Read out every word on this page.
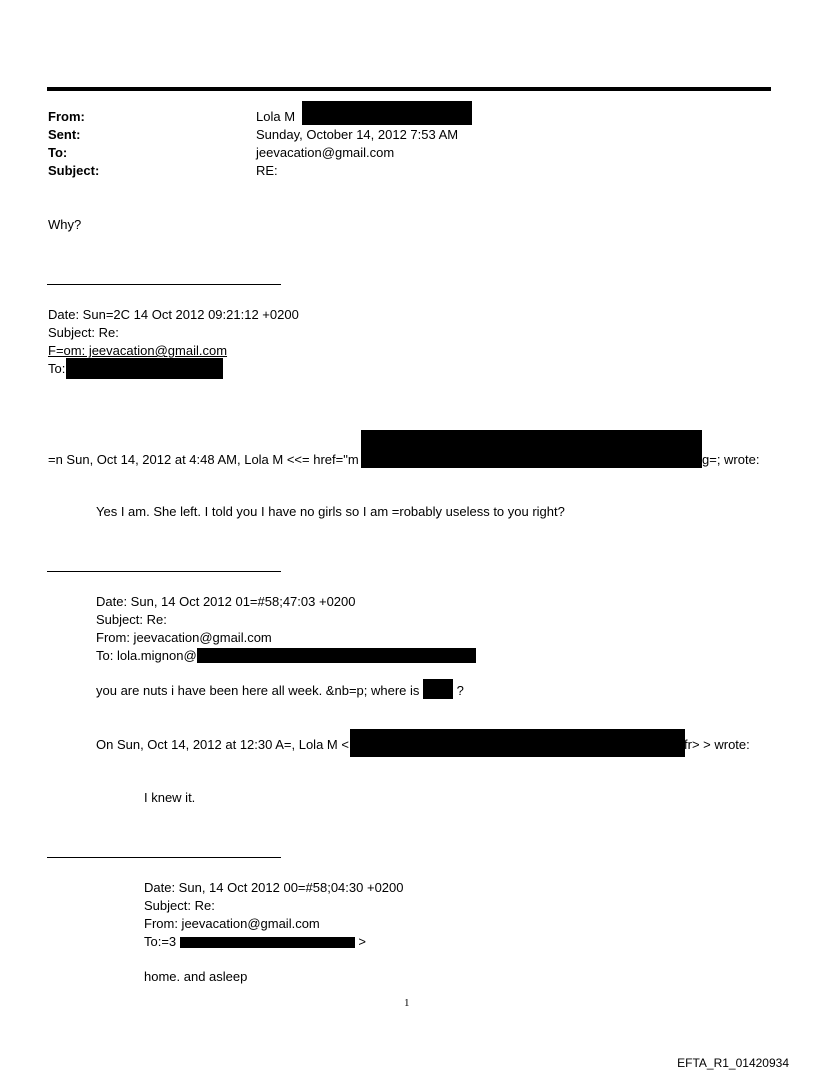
From:	Lola M
Sent:	Sunday, October 14, 2012 7:53 AM
To:	jeevacation@gmail.com
Subject:	RE:
Why?
Date: Sun=2C 14 Oct 2012 09:21:12 +0200
Subject: Re:
F=om: jeevacation@gmail.com
To:
=n Sun, Oct 14, 2012 at 4:48 AM, Lola M <<= href="m	g=; wrote:
Yes I am. She left. I told you I have no girls so I am =robably useless to you right?
Date: Sun, 14 Oct 2012 01=#58;47:03 +0200
Subject: Re:
From: jeevacation@gmail.com
To: lola.mignon@
you are nuts i have been here all week. &nb=p; where is	?
On Sun, Oct 14, 2012 at 12:30 A=, Lola M <	fr> > wrote:
I knew it.
Date: Sun, 14 Oct 2012 00=#58;04:30 +0200
Subject: Re:
From: jeevacation@gmail.com
To:=3	>
home. and asleep
1
EFTA_R1_01420934
